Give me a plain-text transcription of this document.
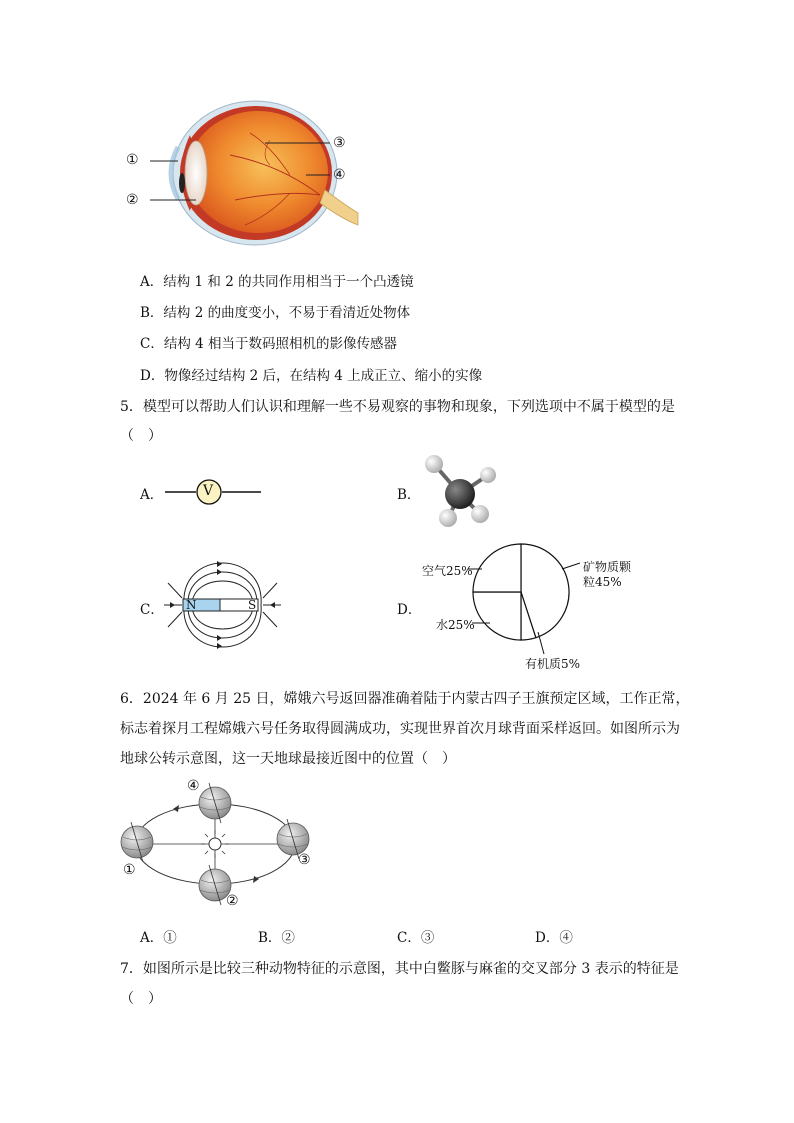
①
②
③
④
A．结构 1 和 2 的共同作用相当于一个凸透镜
B．结构 2 的曲度变小，不易于看清近处物体
C．结构 4 相当于数码照相机的影像传感器
D．物像经过结构 2 后，在结构 4 上成正立、缩小的实像
5．模型可以帮助人们认识和理解一些不易观察的事物和现象，下列选项中不属于模型的是
（　）
A．	V	B．
C． N	S	D．
空气25%	矿物质颗
粒45%
水25%
有机质5%
6．2024 年 6 月 25 日，嫦娥六号返回器准确着陆于内蒙古四子王旗预定区域，工作正常，
标志着探月工程嫦娥六号任务取得圆满成功，实现世界首次月球背面采样返回。如图所示为
地球公转示意图，这一天地球最接近图中的位置（　）
①
②
③
④
A．①	B．②	C．③	D．④
7．如图所示是比较三种动物特征的示意图，其中白鳖豚与麻雀的交叉部分 3 表示的特征是
（　）
